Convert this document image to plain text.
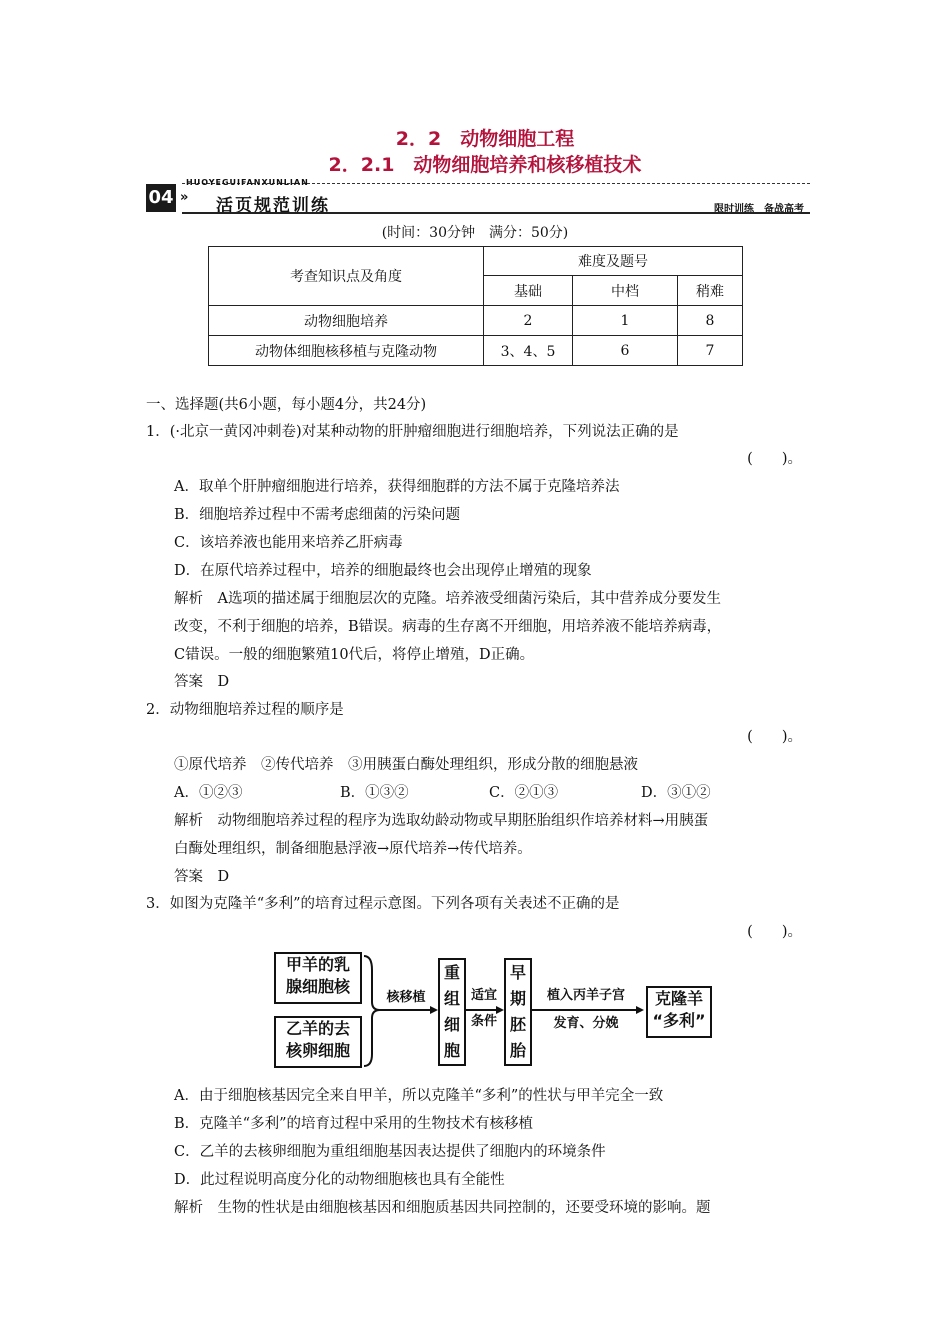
2．2　动物细胞工程
2．2.1　动物细胞培养和核移植技术
04
HUOYEGUIFANXUNLIAN
» 活页规范训练	限时训练　备战高考
(时间：30分钟　满分：50分)
考查知识点及角度	难度及题号		
	基础	中档	稍难
动物细胞培养	2	1	8
动物体细胞核移植与克隆动物	3、4、5	6	7
一、选择题(共6小题，每小题4分，共24分)
1．(·北京一黄冈冲刺卷)对某种动物的肝肿瘤细胞进行细胞培养，下列说法正确的是
(　　)。
A．取单个肝肿瘤细胞进行培养，获得细胞群的方法不属于克隆培养法
B．细胞培养过程中不需考虑细菌的污染问题
C．该培养液也能用来培养乙肝病毒
D．在原代培养过程中，培养的细胞最终也会出现停止增殖的现象
解析　A选项的描述属于细胞层次的克隆。培养液受细菌污染后，其中营养成分要发生
改变，不利于细胞的培养，B错误。病毒的生存离不开细胞，用培养液不能培养病毒，
C错误。一般的细胞繁殖10代后，将停止增殖，D正确。
答案　D
2．动物细胞培养过程的顺序是
(　　)。
①原代培养　②传代培养　③用胰蛋白酶处理组织，形成分散的细胞悬液
A．①②③	B．①③②	C．②①③	D．③①②
解析　动物细胞培养过程的程序为选取幼龄动物或早期胚胎组织作培养材料→用胰蛋
白酶处理组织，制备细胞悬浮液→原代培养→传代培养。
答案　D
3．如图为克隆羊“多利”的培育过程示意图。下列各项有关表述不正确的是
(　　)。
甲羊的乳
腺细胞核
乙羊的去
核卵细胞
核移植
重
组
细
胞
适宜
条件
早
期
胚
胎
植入丙羊子宫
发育、分娩
克隆羊
“多利”
A．由于细胞核基因完全来自甲羊，所以克隆羊“多利”的性状与甲羊完全一致
B．克隆羊“多利”的培育过程中采用的生物技术有核移植
C．乙羊的去核卵细胞为重组细胞基因表达提供了细胞内的环境条件
D．此过程说明高度分化的动物细胞核也具有全能性
解析　生物的性状是由细胞核基因和细胞质基因共同控制的，还要受环境的影响。题
